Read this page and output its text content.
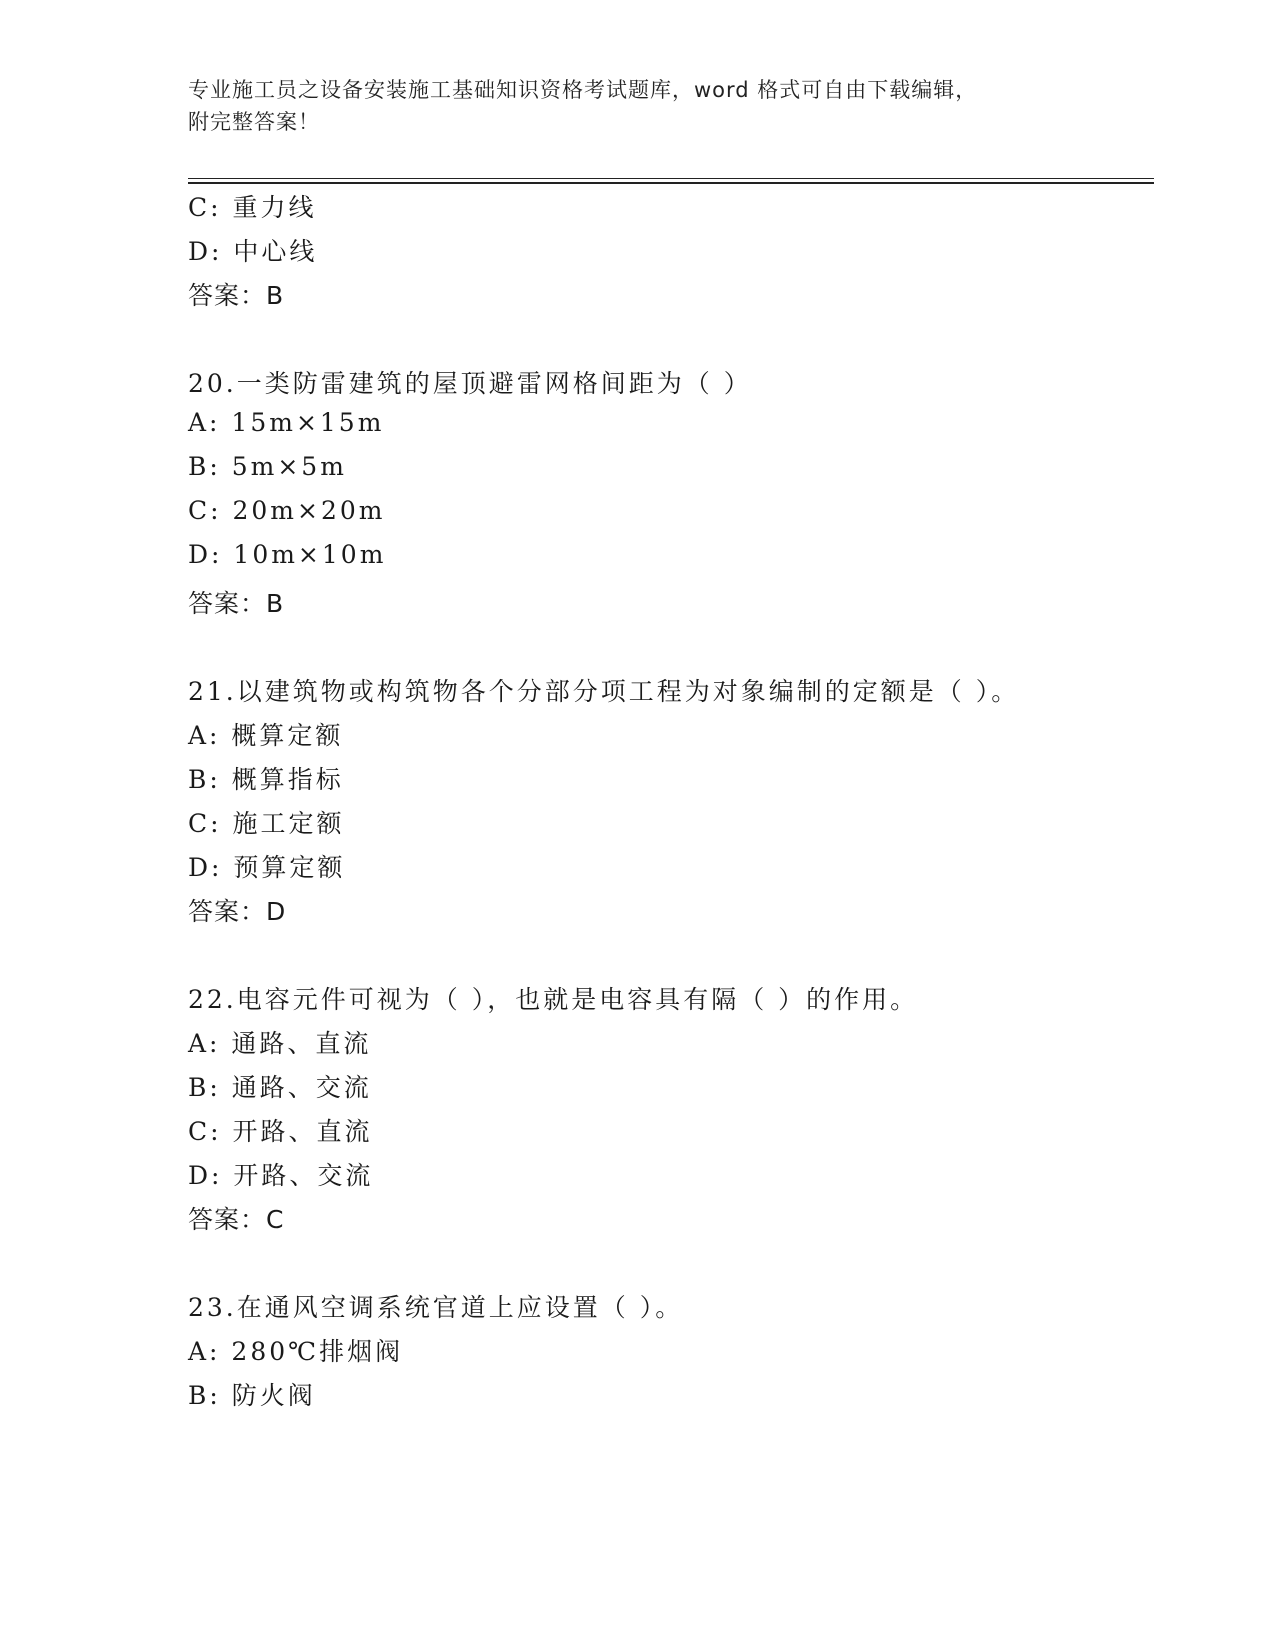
专业施工员之设备安装施工基础知识资格考试题库，word 格式可自由下载编辑，
附完整答案！
C: 重力线
D: 中心线
答案：B
20.一类防雷建筑的屋顶避雷网格间距为（ ）
A: 15m×15m
B: 5m×5m
C: 20m×20m
D: 10m×10m
答案：B
21.以建筑物或构筑物各个分部分项工程为对象编制的定额是（ ）。
A: 概算定额
B: 概算指标
C: 施工定额
D: 预算定额
答案：D
22.电容元件可视为（ ），也就是电容具有隔（ ）的作用。
A: 通路、直流
B: 通路、交流
C: 开路、直流
D: 开路、交流
答案：C
23.在通风空调系统官道上应设置（ ）。
A: 280℃排烟阀
B: 防火阀
